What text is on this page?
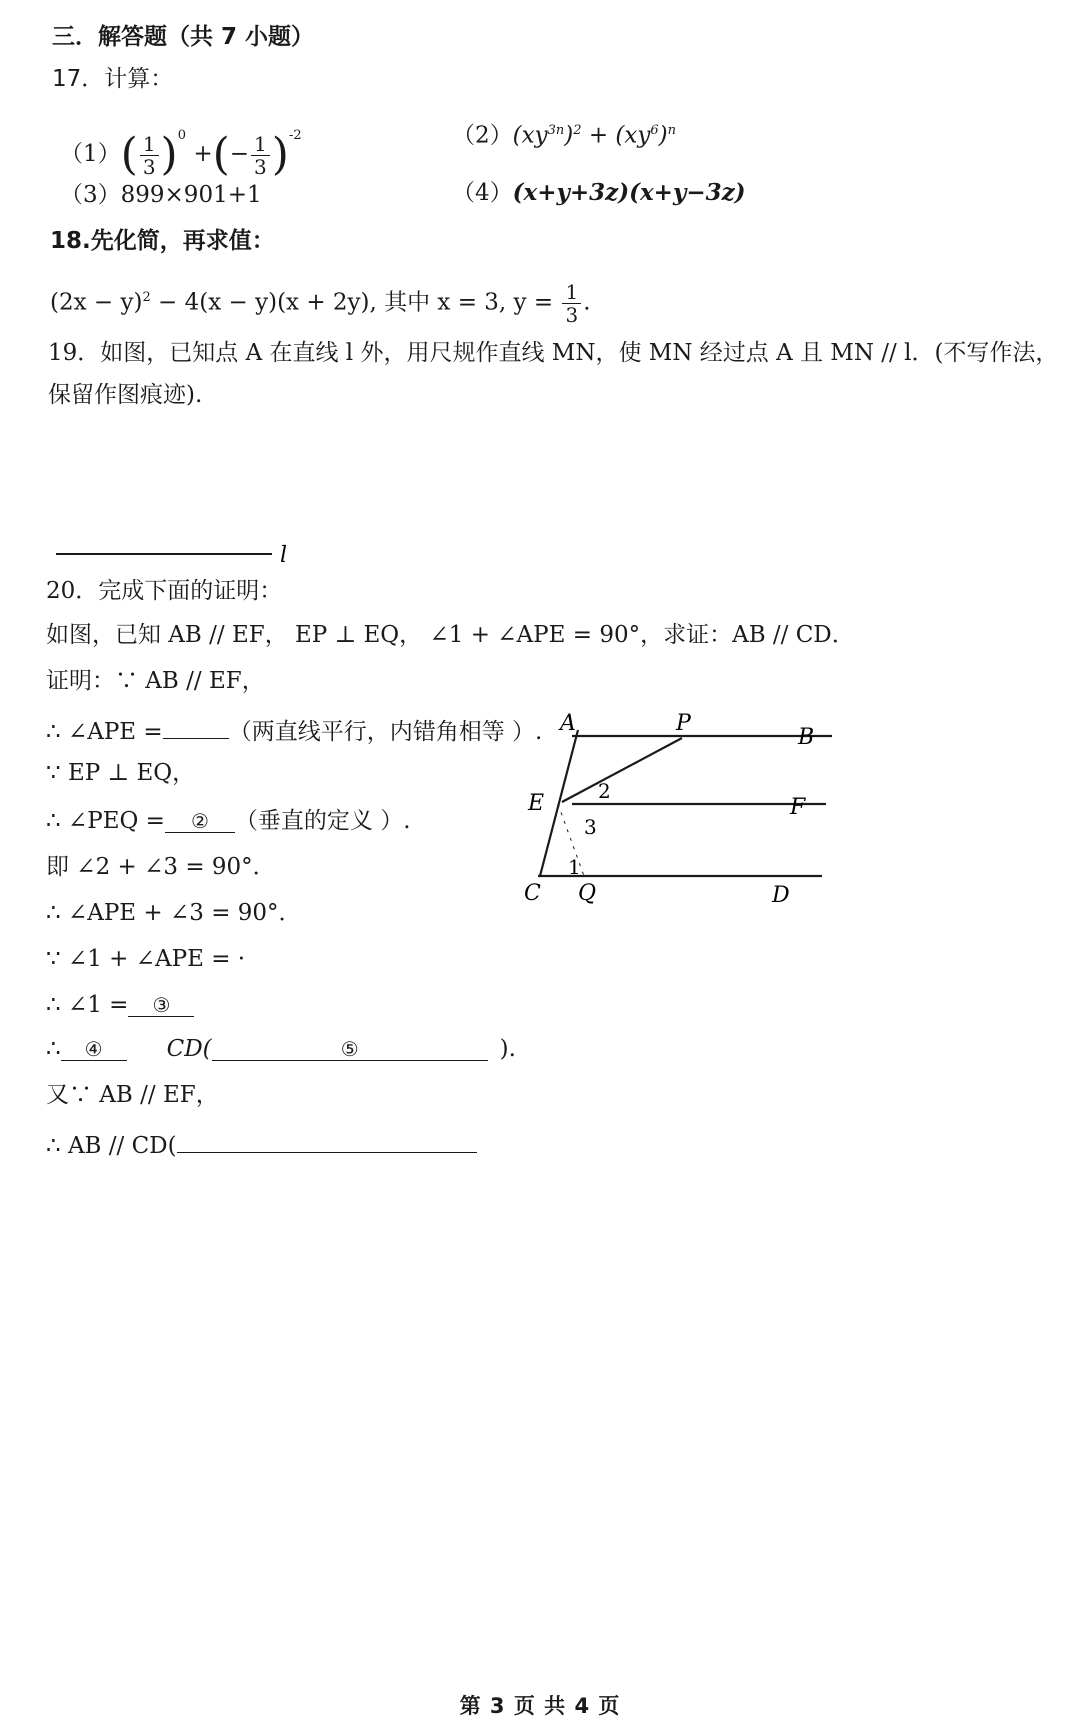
三．解答题（共 7 小题）
17．计算：
$(1)( \frac{1}{3} )^0$ +(− $\frac{1}{3} )^{-2}$	$(2)(xy^{3n})^2 + (xy^6)^n$
（3）899×901+1	（4）(x+y+3z)(x+y−3z)
18.先化简，再求值：
$(2x - y)^2 - 4(x - y)(x + 2y)$, 其中 x = 3, $y = \frac{1}{3}$ .
19．如图，已知点 A 在直线 l 外，用尺规作直线 MN，使 MN 经过点 A 且 MN // l．(不写作法，
保留作图痕迹).
l
20．完成下面的证明：
如图，已知 AB // EF， EP ⊥ EQ， ∠1 + ∠APE = 90°，求证：AB // CD．
证明：∵ AB // EF，
∴ ∠APE =	（两直线平行，内错角相等 ）.
∵ EP ⊥ EQ，
∴ ∠PEQ = ② （垂直的定义 ）.
即 ∠2 + ∠3 = 90°．
∴ ∠APE + ∠3 = 90°．
∵ ∠1 + ∠APE = ·
∴ ∠1 = ③
∴ ④	CD(	⑤	).
又∵ AB // EF，
∴ AB // CD(
A	P
B
E	F
C Q	D
1
2
3
第 3 页 共 4 页
